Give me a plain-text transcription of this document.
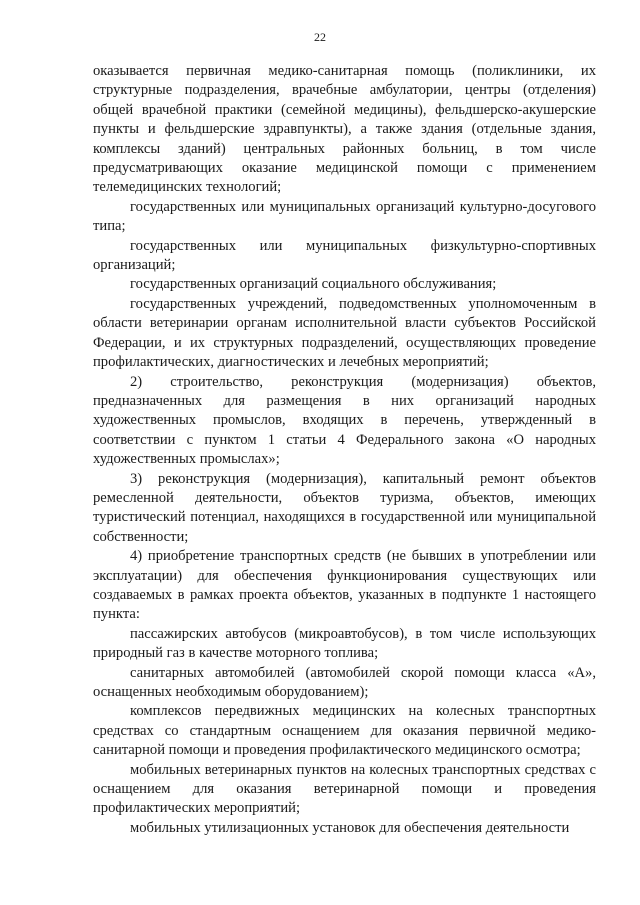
22

оказывается первичная медико-санитарная помощь (поликлиники, их структурные подразделения, врачебные амбулатории, центры (отделения) общей врачебной практики (семейной медицины), фельдшерско-акушерские пункты и фельдшерские здравпункты), а также здания (отдельные здания, комплексы зданий) центральных районных больниц, в том числе предусматривающих оказание медицинской помощи с применением телемедицинских технологий;

государственных или муниципальных организаций культурно-досугового типа;

государственных или муниципальных физкультурно-спортивных организаций;

государственных организаций социального обслуживания;

государственных учреждений, подведомственных уполномоченным в области ветеринарии органам исполнительной власти субъектов Российской Федерации, и их структурных подразделений, осуществляющих проведение профилактических, диагностических и лечебных мероприятий;

2) строительство, реконструкция (модернизация) объектов, предназначенных для размещения в них организаций народных художественных промыслов, входящих в перечень, утвержденный в соответствии с пунктом 1 статьи 4 Федерального закона «О народных художественных промыслах»;

3) реконструкция (модернизация), капитальный ремонт объектов ремесленной деятельности, объектов туризма, объектов, имеющих туристический потенциал, находящихся в государственной или муниципальной собственности;

4) приобретение транспортных средств (не бывших в употреблении или эксплуатации) для обеспечения функционирования существующих или создаваемых в рамках проекта объектов, указанных в подпункте 1 настоящего пункта:

пассажирских автобусов (микроавтобусов), в том числе использующих природный газ в качестве моторного топлива;

санитарных автомобилей (автомобилей скорой помощи класса «А», оснащенных необходимым оборудованием);

комплексов передвижных медицинских на колесных транспортных средствах со стандартным оснащением для оказания первичной медико-санитарной помощи и проведения профилактического медицинского осмотра;

мобильных ветеринарных пунктов на колесных транспортных средствах с оснащением для оказания ветеринарной помощи и проведения профилактических мероприятий;

мобильных утилизационных установок для обеспечения деятельности
